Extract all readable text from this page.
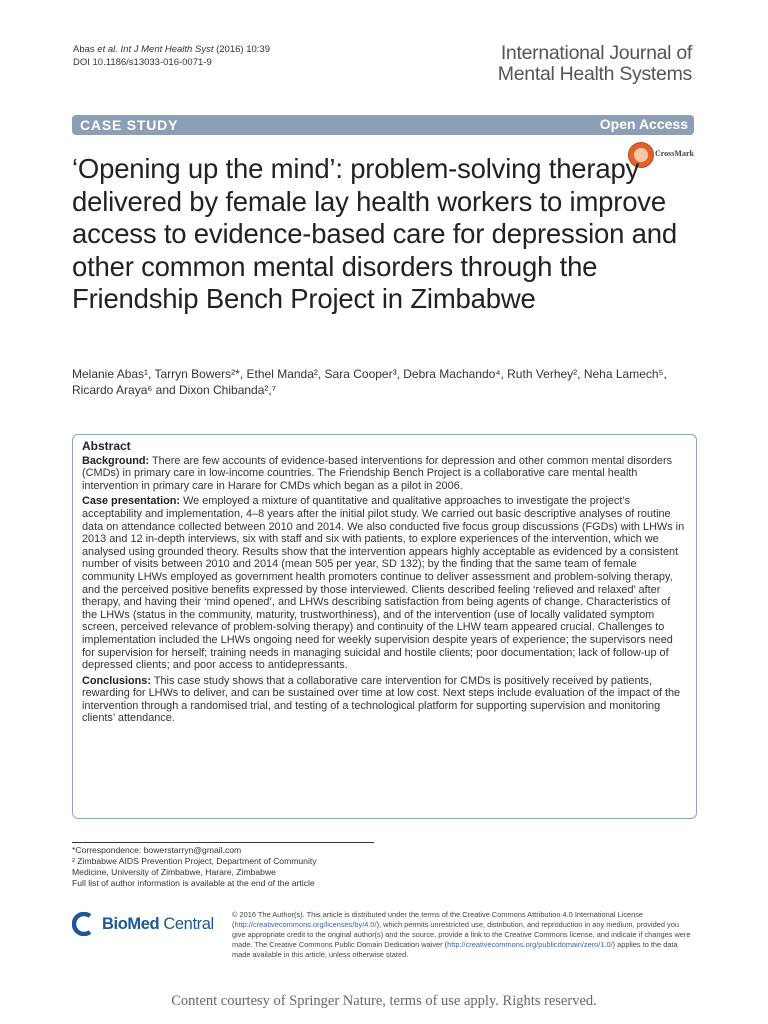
Abas et al. Int J Ment Health Syst (2016) 10:39
DOI 10.1186/s13033-016-0071-9	International Journal of
Mental Health Systems
CASE STUDY	Open Access
CrossMark
‘Opening up the mind’: problem-solving therapy delivered by female lay health workers to improve access to evidence-based care for depression and other common mental disorders through the Friendship Bench Project in Zimbabwe
Melanie Abas¹, Tarryn Bowers²*, Ethel Manda², Sara Cooper³, Debra Machando⁴, Ruth Verhey², Neha Lamech⁵,
Ricardo Araya⁶ and Dixon Chibanda²,⁷
Abstract

Background: There are few accounts of evidence-based interventions for depression and other common mental disorders (CMDs) in primary care in low-income countries. The Friendship Bench Project is a collaborative care mental health intervention in primary care in Harare for CMDs which began as a pilot in 2006.

Case presentation: We employed a mixture of quantitative and qualitative approaches to investigate the project’s acceptability and implementation, 4–8 years after the initial pilot study. We carried out basic descriptive analyses of routine data on attendance collected between 2010 and 2014. We also conducted five focus group discussions (FGDs) with LHWs in 2013 and 12 in-depth interviews, six with staff and six with patients, to explore experiences of the intervention, which we analysed using grounded theory. Results show that the intervention appears highly acceptable as evidenced by a consistent number of visits between 2010 and 2014 (mean 505 per year, SD 132); by the finding that the same team of female community LHWs employed as government health promoters continue to deliver assessment and problem-solving therapy, and the perceived positive benefits expressed by those interviewed. Clients described feeling ‘relieved and relaxed’ after therapy, and having their ‘mind opened’, and LHWs describing satisfaction from being agents of change. Characteristics of the LHWs (status in the community, maturity, trustworthiness), and of the intervention (use of locally validated symptom screen, perceived relevance of problem-solving therapy) and continuity of the LHW team appeared crucial. Challenges to implementation included the LHWs ongoing need for weekly supervision despite years of experience; the supervisors need for supervision for herself; training needs in managing suicidal and hostile clients; poor documentation; lack of follow-up of depressed clients; and poor access to antidepressants.

Conclusions: This case study shows that a collaborative care intervention for CMDs is positively received by patients, rewarding for LHWs to deliver, and can be sustained over time at low cost. Next steps include evaluation of the impact of the intervention through a randomised trial, and testing of a technological platform for supporting supervision and monitoring clients’ attendance.

*Correspondence: bowerstarryn@gmail.com
² Zimbabwe AIDS Prevention Project, Department of Community
Medicine, University of Zimbabwe, Harare, Zimbabwe
Full list of author information is available at the end of the article
BioMed Central
© 2016 The Author(s). This article is distributed under the terms of the Creative Commons Attribution 4.0 International License (http://creativecommons.org/licenses/by/4.0/), which permits unrestricted use, distribution, and reproduction in any medium, provided you give appropriate credit to the original author(s) and the source, provide a link to the Creative Commons license, and indicate if changes were made. The Creative Commons Public Domain Dedication waiver (http://creativecommons.org/publicdomain/zero/1.0/) applies to the data made available in this article, unless otherwise stated.
Content courtesy of Springer Nature, terms of use apply. Rights reserved.
